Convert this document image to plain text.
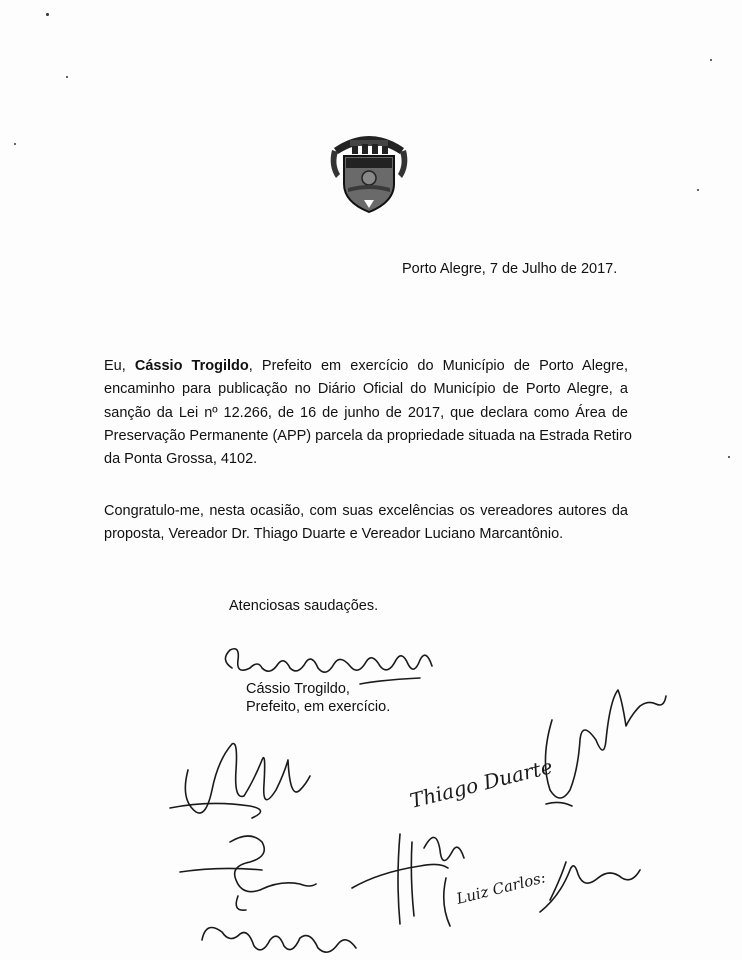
Porto Alegre, 7 de Julho de 2017.
Eu, Cássio Trogildo, Prefeito em exercício do Município de Porto Alegre,
encaminho para publicação no Diário Oficial do Município de Porto Alegre, a
sanção da Lei nº 12.266, de 16 de junho de 2017, que declara como Área de
Preservação Permanente (APP) parcela da propriedade situada na Estrada Retiro
da Ponta Grossa, 4102.
Congratulo-me, nesta ocasião, com suas excelências os vereadores autores da
proposta, Vereador Dr. Thiago Duarte e Vereador Luciano Marcantônio.
Atenciosas saudações.
Cássio Trogildo,
Prefeito, em exercício.
Thiago Duarte
Luiz Carlos:
